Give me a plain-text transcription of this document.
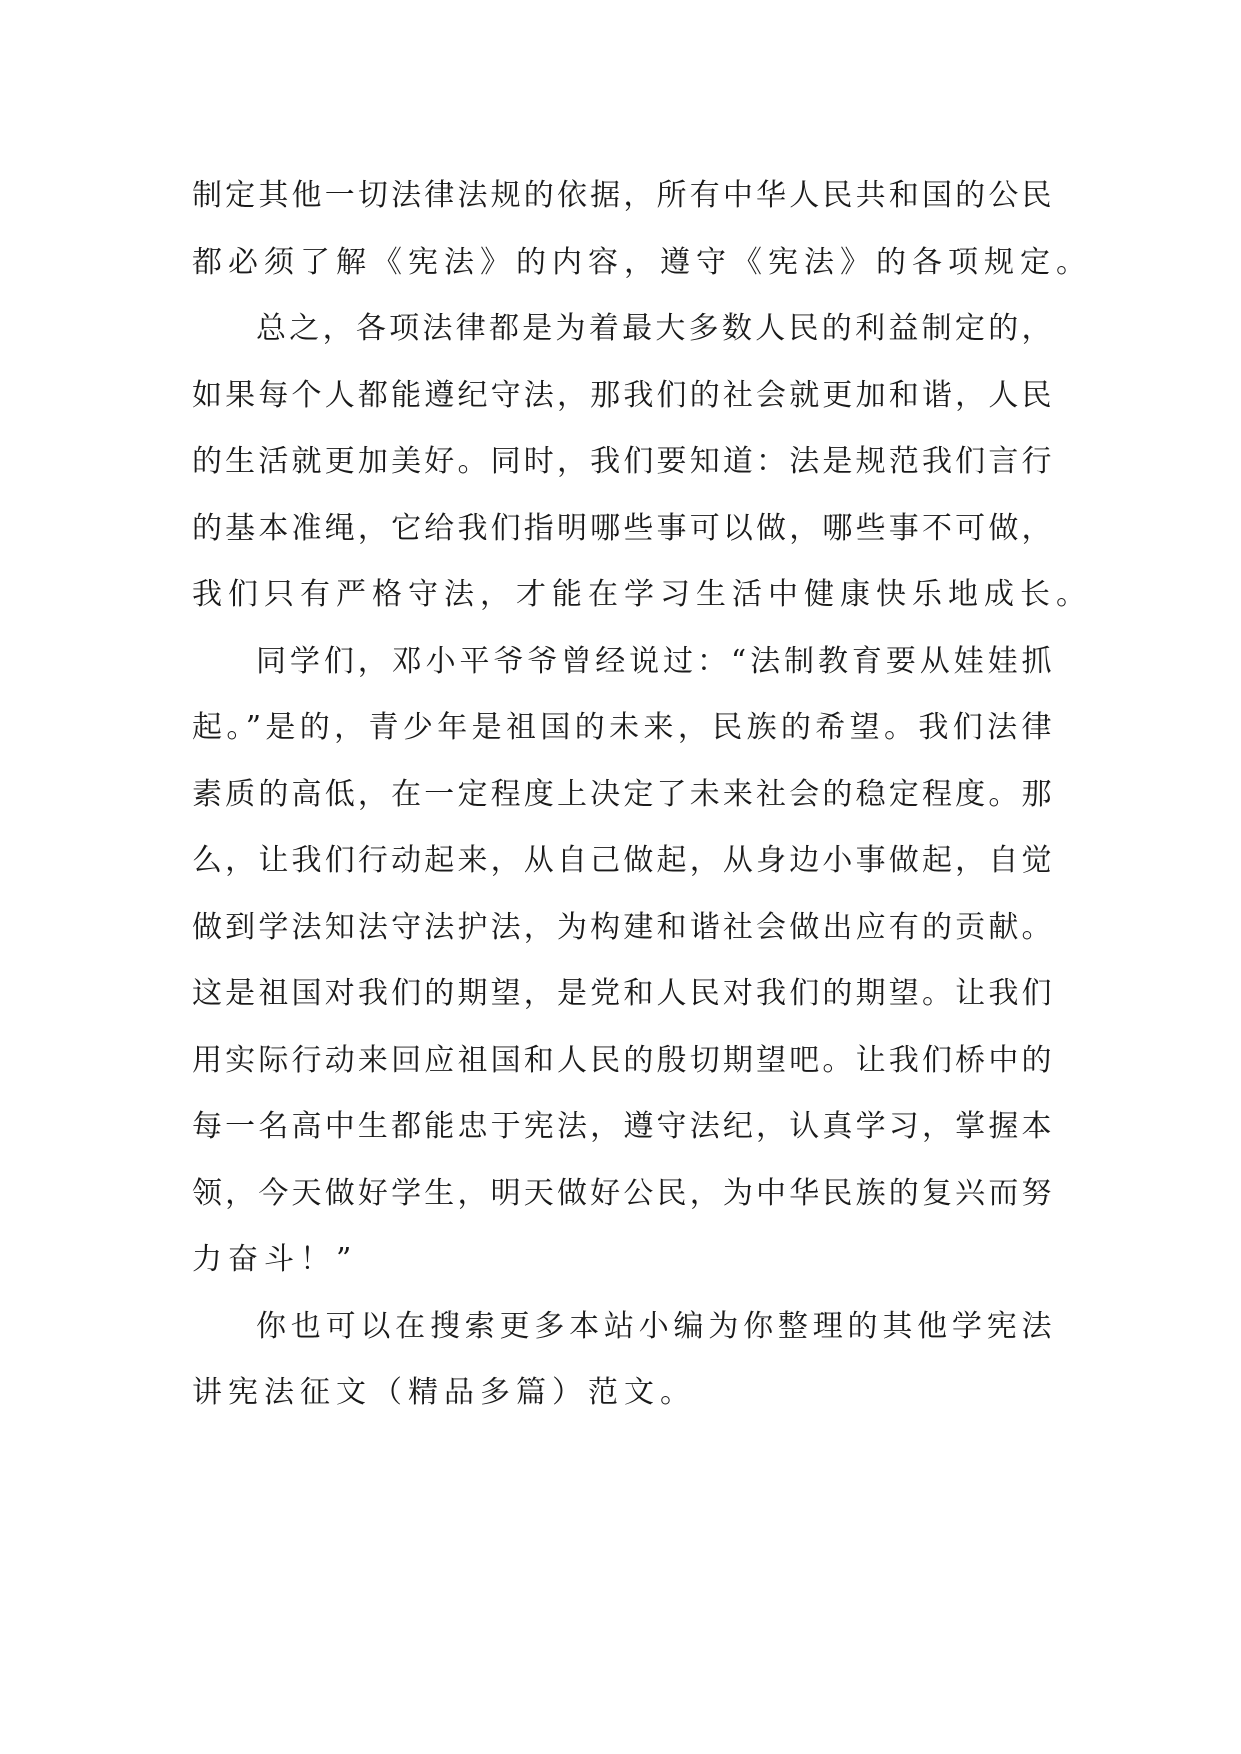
制定其他一切法律法规的依据，所有中华人民共和国的公民
都必须了解《宪法》的内容，遵守《宪法》的各项规定。
总之，各项法律都是为着最大多数人民的利益制定的，
如果每个人都能遵纪守法，那我们的社会就更加和谐，人民
的生活就更加美好。同时，我们要知道：法是规范我们言行
的基本准绳，它给我们指明哪些事可以做，哪些事不可做，
我们只有严格守法，才能在学习生活中健康快乐地成长。
同学们，邓小平爷爷曾经说过：“法制教育要从娃娃抓
起。”是的，青少年是祖国的未来，民族的希望。我们法律
素质的高低，在一定程度上决定了未来社会的稳定程度。那
么，让我们行动起来，从自己做起，从身边小事做起，自觉
做到学法知法守法护法，为构建和谐社会做出应有的贡献。
这是祖国对我们的期望，是党和人民对我们的期望。让我们
用实际行动来回应祖国和人民的殷切期望吧。让我们桥中的
每一名高中生都能忠于宪法，遵守法纪，认真学习，掌握本
领，今天做好学生，明天做好公民，为中华民族的复兴而努
力奋斗！”
你也可以在搜索更多本站小编为你整理的其他学宪法
讲宪法征文（精品多篇）范文。
